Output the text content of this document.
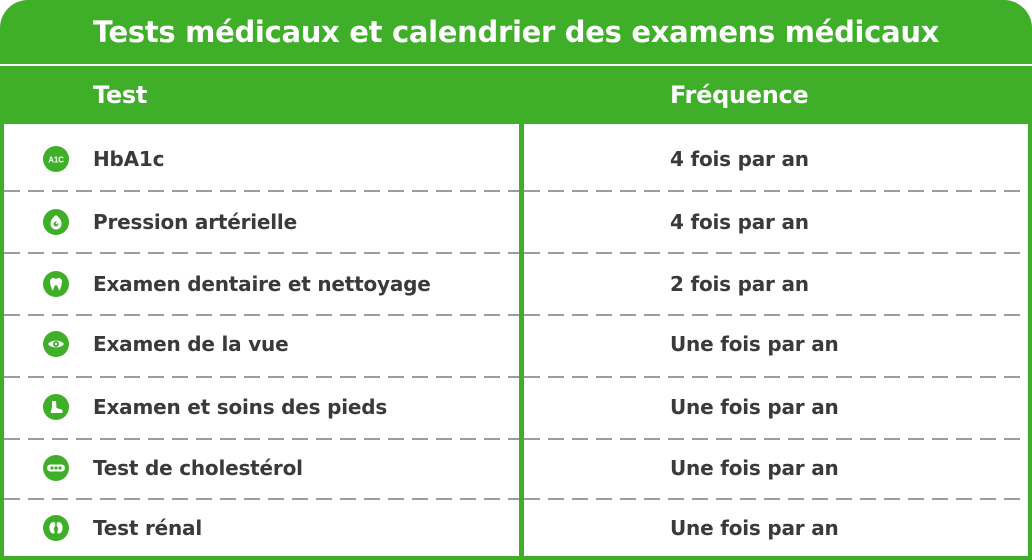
Tests médicaux et calendrier des examens médicaux
Test	Fréquence
A1C HbA1c
Pression artérielle
Examen dentaire et nettoyage
Examen de la vue
Examen et soins des pieds
Test de cholestérol
Test rénal
4 fois par an
4 fois par an
2 fois par an
Une fois par an
Une fois par an
Une fois par an
Une fois par an
